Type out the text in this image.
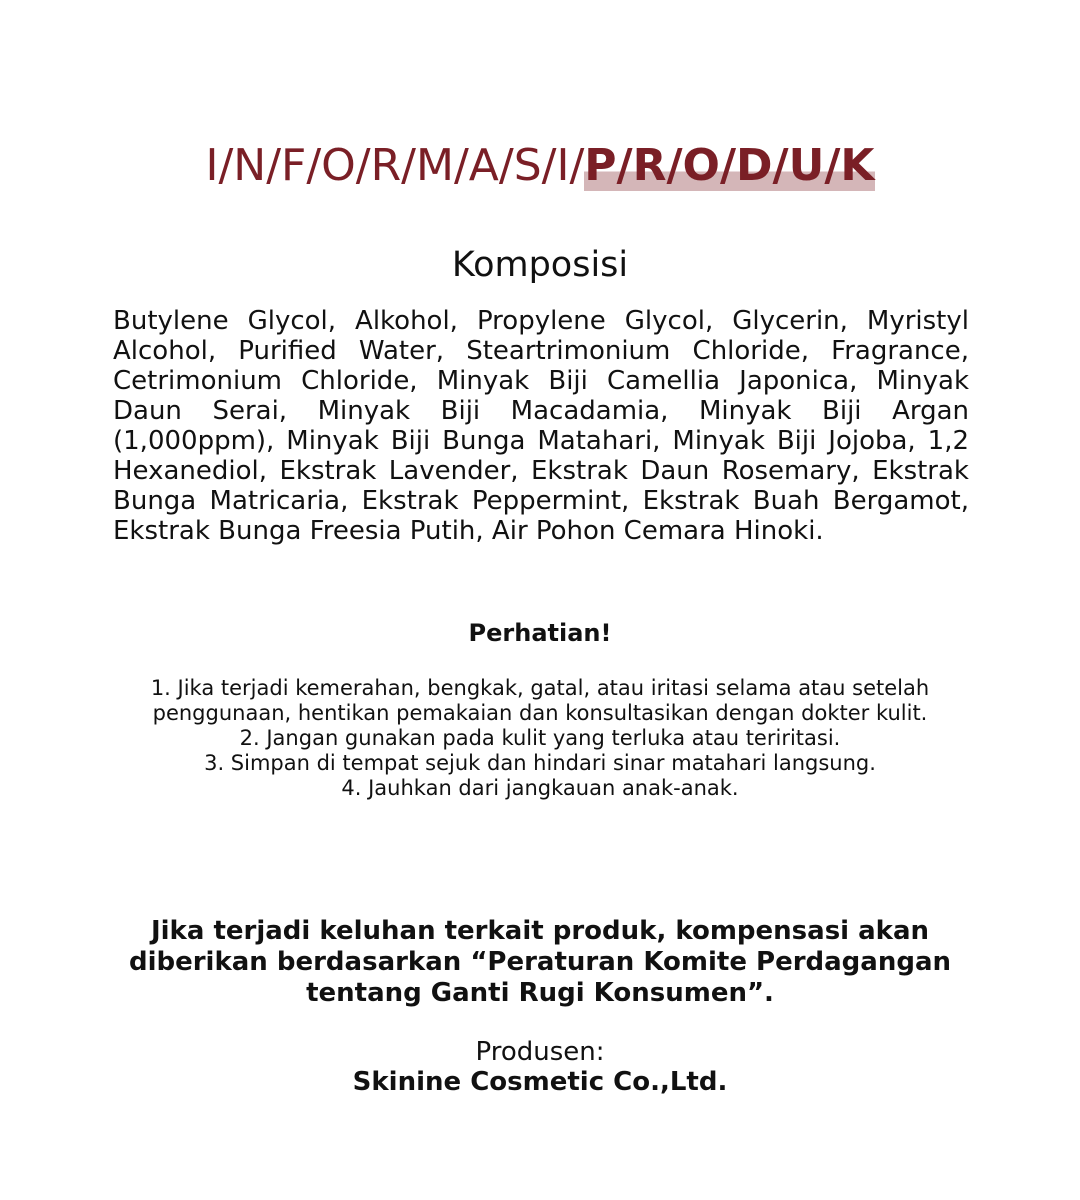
I/N/F/O/R/M/A/S/I/P/R/O/D/U/K
Komposisi
Butylene Glycol, Alkohol, Propylene Glycol, Glycerin, Myristyl Alcohol, Purified Water, Steartrimonium Chloride, Fragrance, Cetrimonium Chloride, Minyak Biji Camellia Japonica, Minyak Daun Serai, Minyak Biji Macadamia, Minyak Biji Argan (1,000ppm), Minyak Biji Bunga Matahari, Minyak Biji Jojoba, 1,2 Hexanediol, Ekstrak Lavender, Ekstrak Daun Rosemary, Ekstrak Bunga Matricaria, Ekstrak Peppermint, Ekstrak Buah Bergamot, Ekstrak Bunga Freesia Putih, Air Pohon Cemara Hinoki.
Perhatian!
1. Jika terjadi kemerahan, bengkak, gatal, atau iritasi selama atau setelah penggunaan, hentikan pemakaian dan konsultasikan dengan dokter kulit.
2. Jangan gunakan pada kulit yang terluka atau teriritasi.
3. Simpan di tempat sejuk dan hindari sinar matahari langsung.
4. Jauhkan dari jangkauan anak-anak.
Jika terjadi keluhan terkait produk, kompensasi akan diberikan berdasarkan “Peraturan Komite Perdagangan tentang Ganti Rugi Konsumen”.
Produsen:
Skinine Cosmetic Co.,Ltd.
